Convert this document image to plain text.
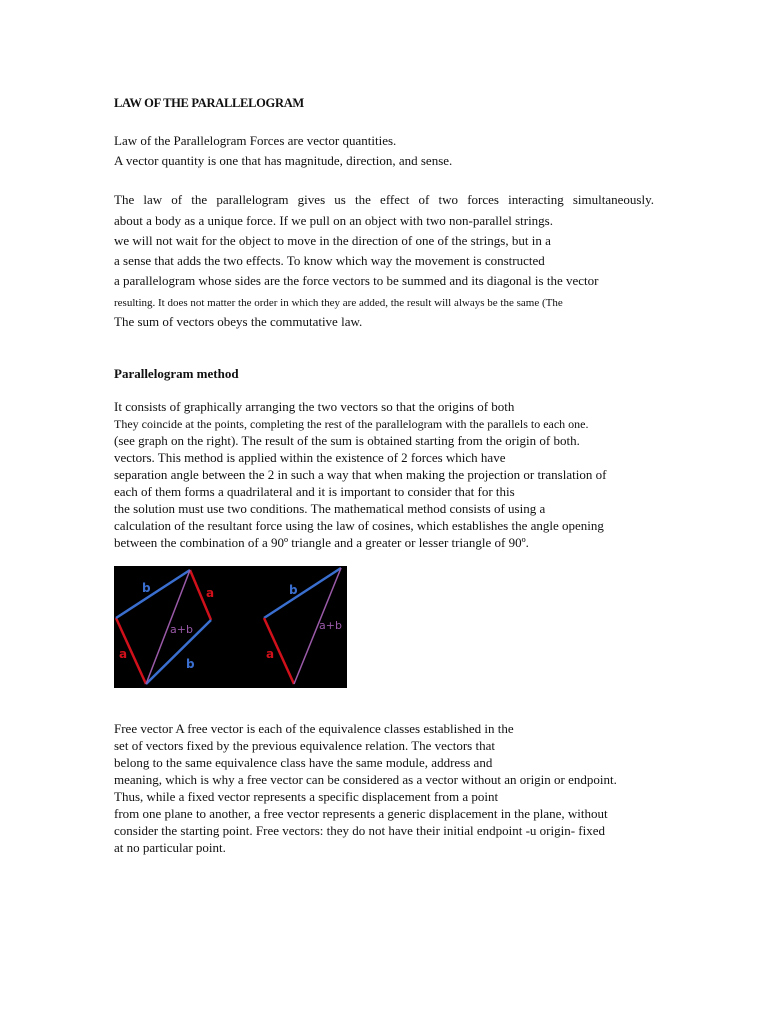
LAW OF THE PARALLELOGRAM
Law of the Parallelogram Forces are vector quantities.
A vector quantity is one that has magnitude, direction, and sense.
The law of the parallelogram gives us the effect of two forces interacting simultaneously.
about a body as a unique force. If we pull on an object with two non-parallel strings.
we will not wait for the object to move in the direction of one of the strings, but in a
a sense that adds the two effects. To know which way the movement is constructed
a parallelogram whose sides are the force vectors to be summed and its diagonal is the vector
resulting. It does not matter the order in which they are added, the result will always be the same (The
The sum of vectors obeys the commutative law.
Parallelogram method
It consists of graphically arranging the two vectors so that the origins of both
They coincide at the points, completing the rest of the parallelogram with the parallels to each one.
(see graph on the right). The result of the sum is obtained starting from the origin of both.
vectors. This method is applied within the existence of 2 forces which have
separation angle between the 2 in such a way that when making the projection or translation of
each of them forms a quadrilateral and it is important to consider that for this
the solution must use two conditions. The mathematical method consists of using a
calculation of the resultant force using the law of cosines, which establishes the angle opening
between the combination of a 90º triangle and a greater or lesser triangle of 90º.
b	a
a+b
a
b
b
a+b
a
Free vector A free vector is each of the equivalence classes established in the
set of vectors fixed by the previous equivalence relation. The vectors that
belong to the same equivalence class have the same module, address and
meaning, which is why a free vector can be considered as a vector without an origin or endpoint.
Thus, while a fixed vector represents a specific displacement from a point
from one plane to another, a free vector represents a generic displacement in the plane, without
consider the starting point. Free vectors: they do not have their initial endpoint -u origin- fixed
at no particular point.
